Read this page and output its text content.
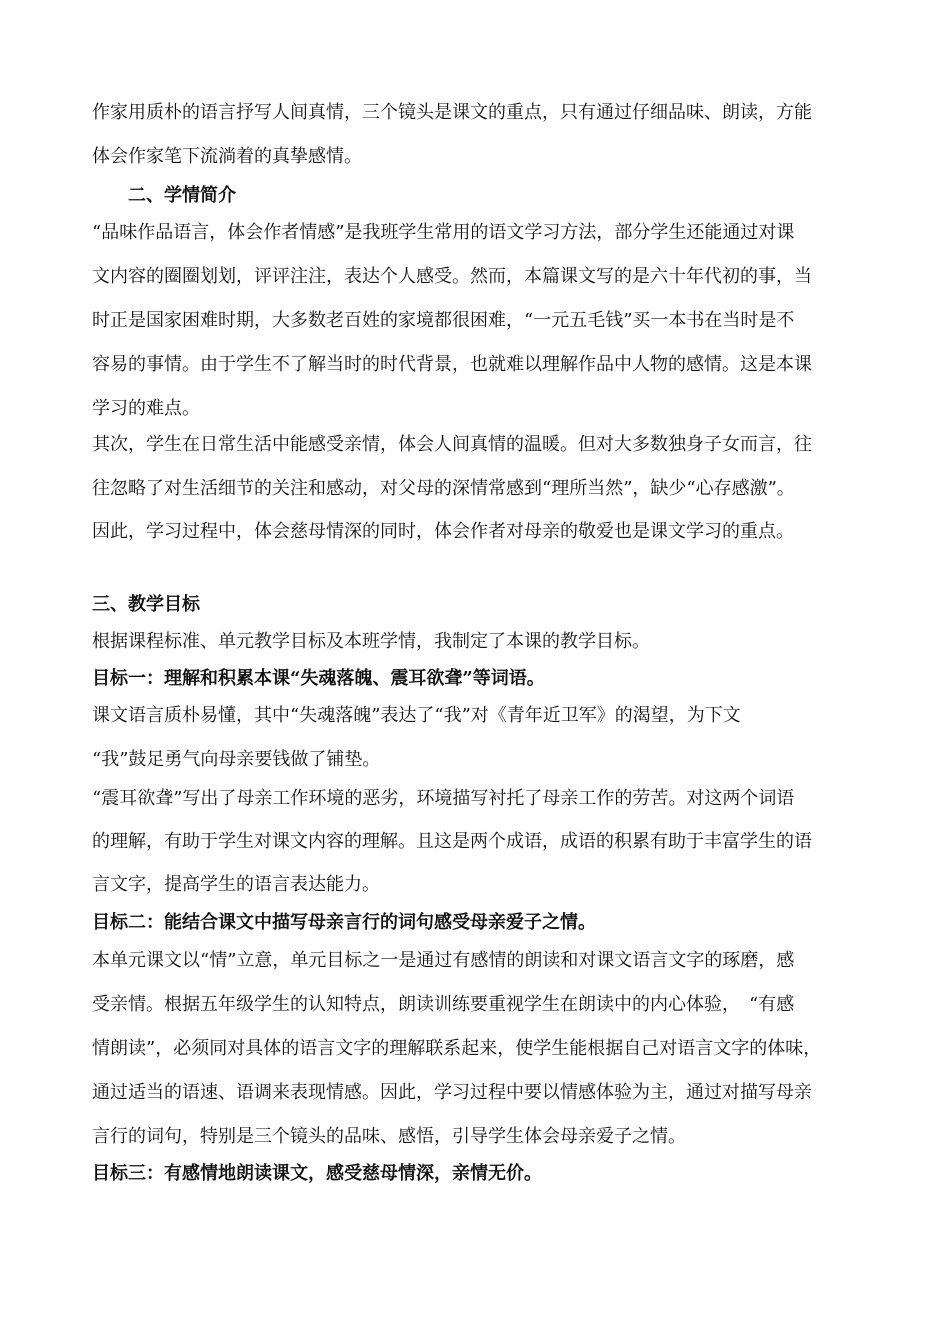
作家用质朴的语言抒写人间真情，三个镜头是课文的重点，只有通过仔细品味、朗读，方能
体会作家笔下流淌着的真挚感情。
二、学情简介
“品味作品语言，体会作者情感”是我班学生常用的语文学习方法，部分学生还能通过对课
文内容的圈圈划划，评评注注，表达个人感受。然而，本篇课文写的是六十年代初的事，当
时正是国家困难时期，大多数老百姓的家境都很困难，“一元五毛钱”买一本书在当时是不
容易的事情。由于学生不了解当时的时代背景，也就难以理解作品中人物的感情。这是本课
学习的难点。
其次，学生在日常生活中能感受亲情，体会人间真情的温暖。但对大多数独身子女而言，往
往忽略了对生活细节的关注和感动，对父母的深情常感到“理所当然”，缺少“心存感激”。
因此，学习过程中，体会慈母情深的同时，体会作者对母亲的敬爱也是课文学习的重点。
三、教学目标
根据课程标准、单元教学目标及本班学情，我制定了本课的教学目标。
目标一：理解和积累本课“失魂落魄、震耳欲聋”等词语。
课文语言质朴易懂，其中“失魂落魄”表达了“我”对《青年近卫军》的渴望，为下文
“我”鼓足勇气向母亲要钱做了铺垫。
“震耳欲聋”写出了母亲工作环境的恶劣，环境描写衬托了母亲工作的劳苦。对这两个词语
的理解，有助于学生对课文内容的理解。且这是两个成语，成语的积累有助于丰富学生的语
言文字，提高学生的语言表达能力。
目标二：能结合课文中描写母亲言行的词句感受母亲爱子之情。
本单元课文以“情”立意，单元目标之一是通过有感情的朗读和对课文语言文字的琢磨，感
受亲情。根据五年级学生的认知特点，朗读训练要重视学生在朗读中的内心体验，　“有感
情朗读”，必须同对具体的语言文字的理解联系起来，使学生能根据自己对语言文字的体味，
通过适当的语速、语调来表现情感。因此，学习过程中要以情感体验为主，通过对描写母亲
言行的词句，特别是三个镜头的品味、感悟，引导学生体会母亲爱子之情。
目标三：有感情地朗读课文，感受慈母情深，亲情无价。
